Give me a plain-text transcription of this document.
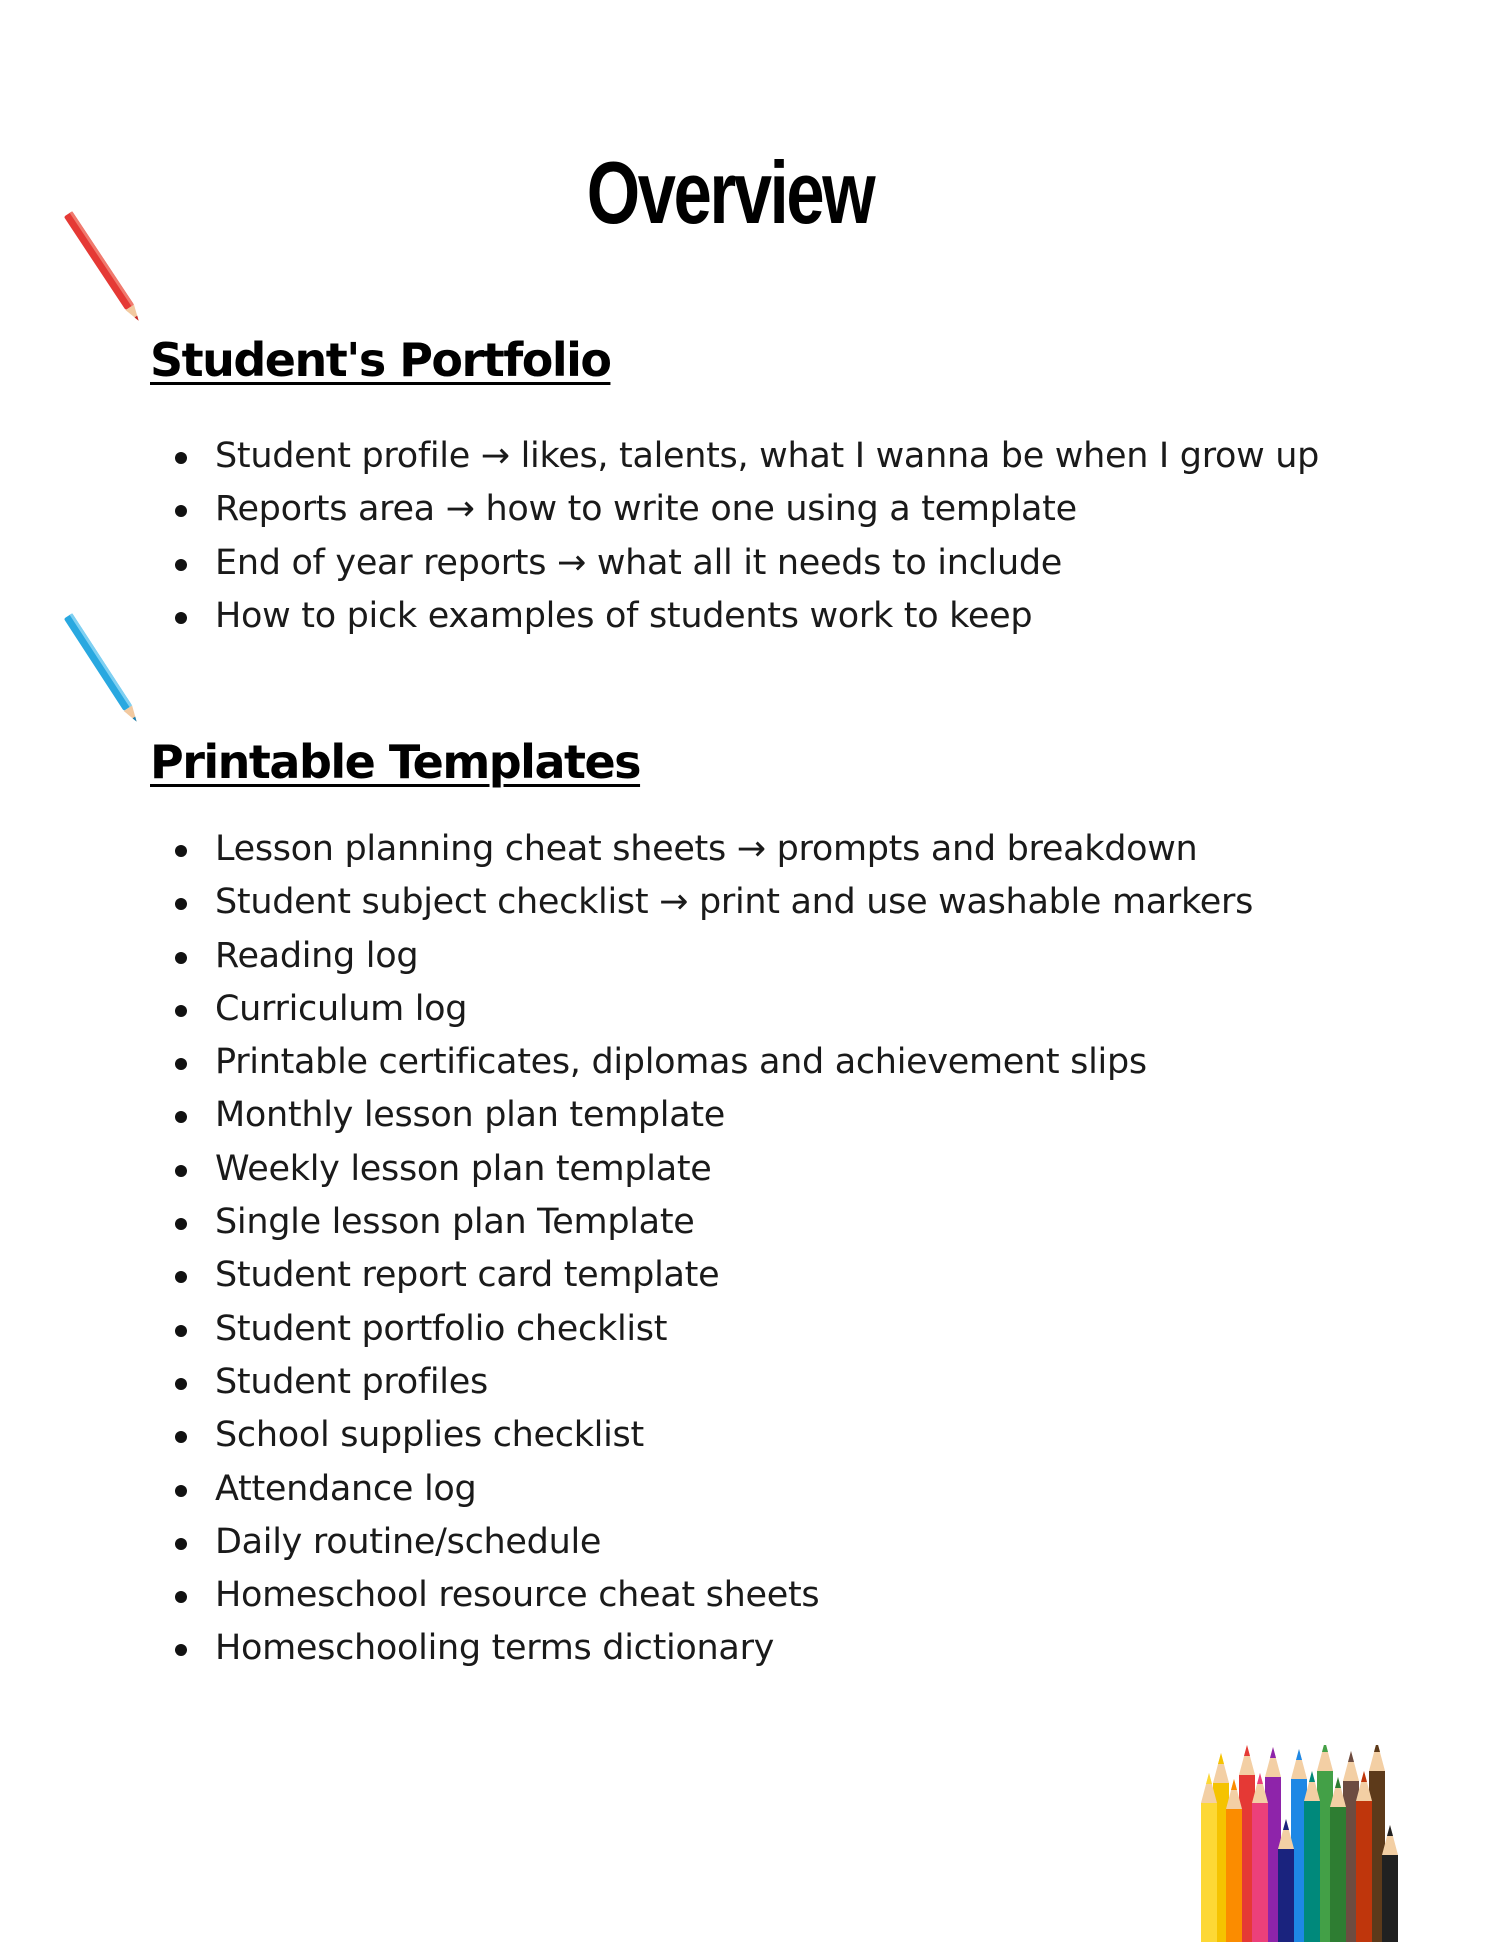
Overview
Student's Portfolio
Student profile → likes, talents, what I wanna be when I grow up
Reports area → how to write one using a template
End of year reports → what all it needs to include
How to pick examples of students work to keep
Printable Templates
Lesson planning cheat sheets → prompts and breakdown
Student subject checklist → print and use washable markers
Reading log
Curriculum log
Printable certificates, diplomas and achievement slips
Monthly lesson plan template
Weekly lesson plan template
Single lesson plan Template
Student report card template
Student portfolio checklist
Student profiles
School supplies checklist
Attendance log
Daily routine/schedule
Homeschool resource cheat sheets
Homeschooling terms dictionary
